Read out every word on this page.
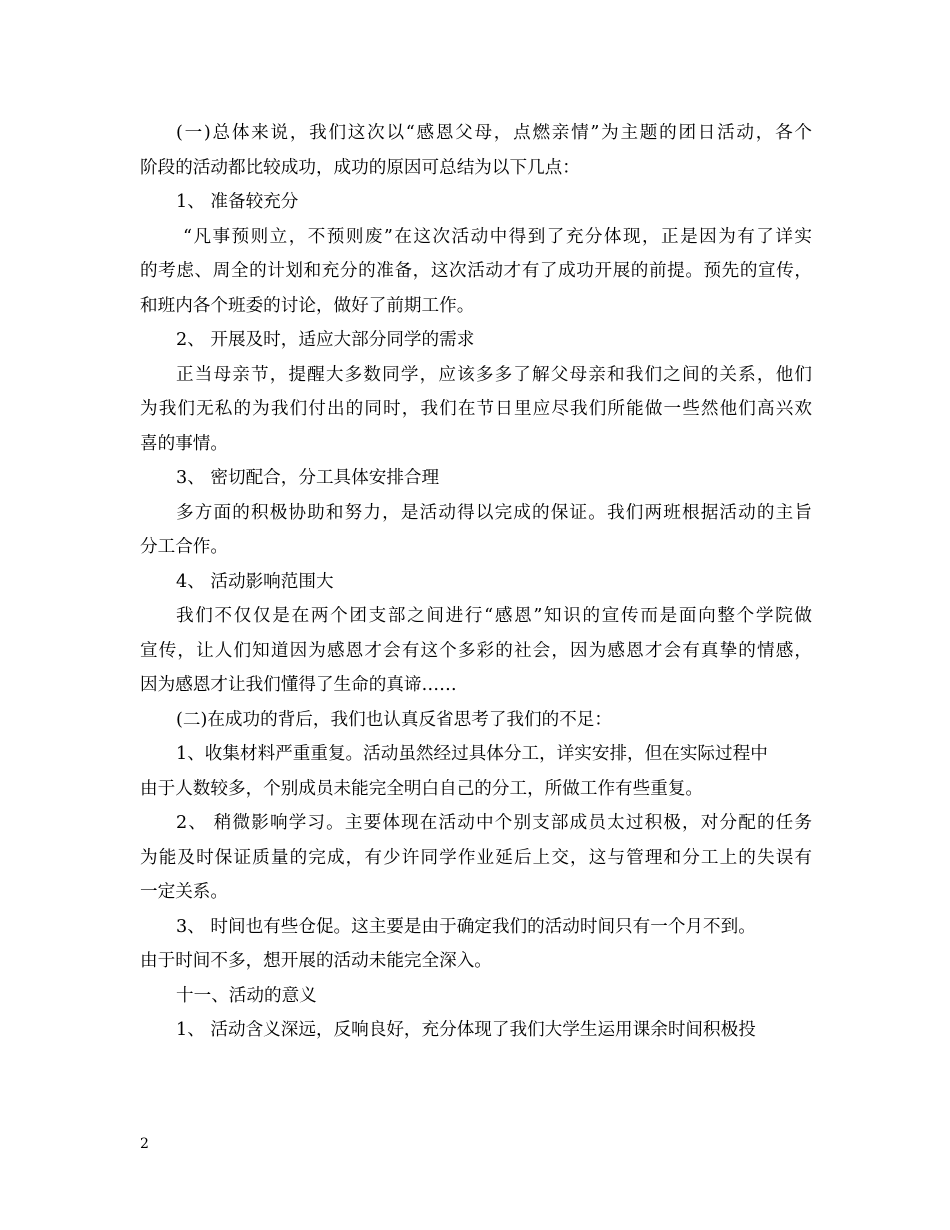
(一)总体来说，我们这次以“感恩父母，点燃亲情”为主题的团日活动，各个
阶段的活动都比较成功，成功的原因可总结为以下几点：
1、 准备较充分
“凡事预则立，不预则废”在这次活动中得到了充分体现，正是因为有了详实
的考虑、周全的计划和充分的准备，这次活动才有了成功开展的前提。预先的宣传，
和班内各个班委的讨论，做好了前期工作。
2、 开展及时，适应大部分同学的需求
正当母亲节，提醒大多数同学，应该多多了解父母亲和我们之间的关系，他们
为我们无私的为我们付出的同时，我们在节日里应尽我们所能做一些然他们高兴欢
喜的事情。
3、 密切配合，分工具体安排合理
多方面的积极协助和努力，是活动得以完成的保证。我们两班根据活动的主旨
分工合作。
4、 活动影响范围大
我们不仅仅是在两个团支部之间进行“感恩”知识的宣传而是面向整个学院做
宣传，让人们知道因为感恩才会有这个多彩的社会，因为感恩才会有真挚的情感，
因为感恩才让我们懂得了生命的真谛……
(二)在成功的背后，我们也认真反省思考了我们的不足：
1、收集材料严重重复。活动虽然经过具体分工，详实安排，但在实际过程中
由于人数较多，个别成员未能完全明白自己的分工，所做工作有些重复。
2、 稍微影响学习。主要体现在活动中个别支部成员太过积极，对分配的任务
为能及时保证质量的完成，有少许同学作业延后上交，这与管理和分工上的失误有
一定关系。
3、 时间也有些仓促。这主要是由于确定我们的活动时间只有一个月不到。
由于时间不多，想开展的活动未能完全深入。
十一、活动的意义
1、 活动含义深远，反响良好，充分体现了我们大学生运用课余时间积极投
2
